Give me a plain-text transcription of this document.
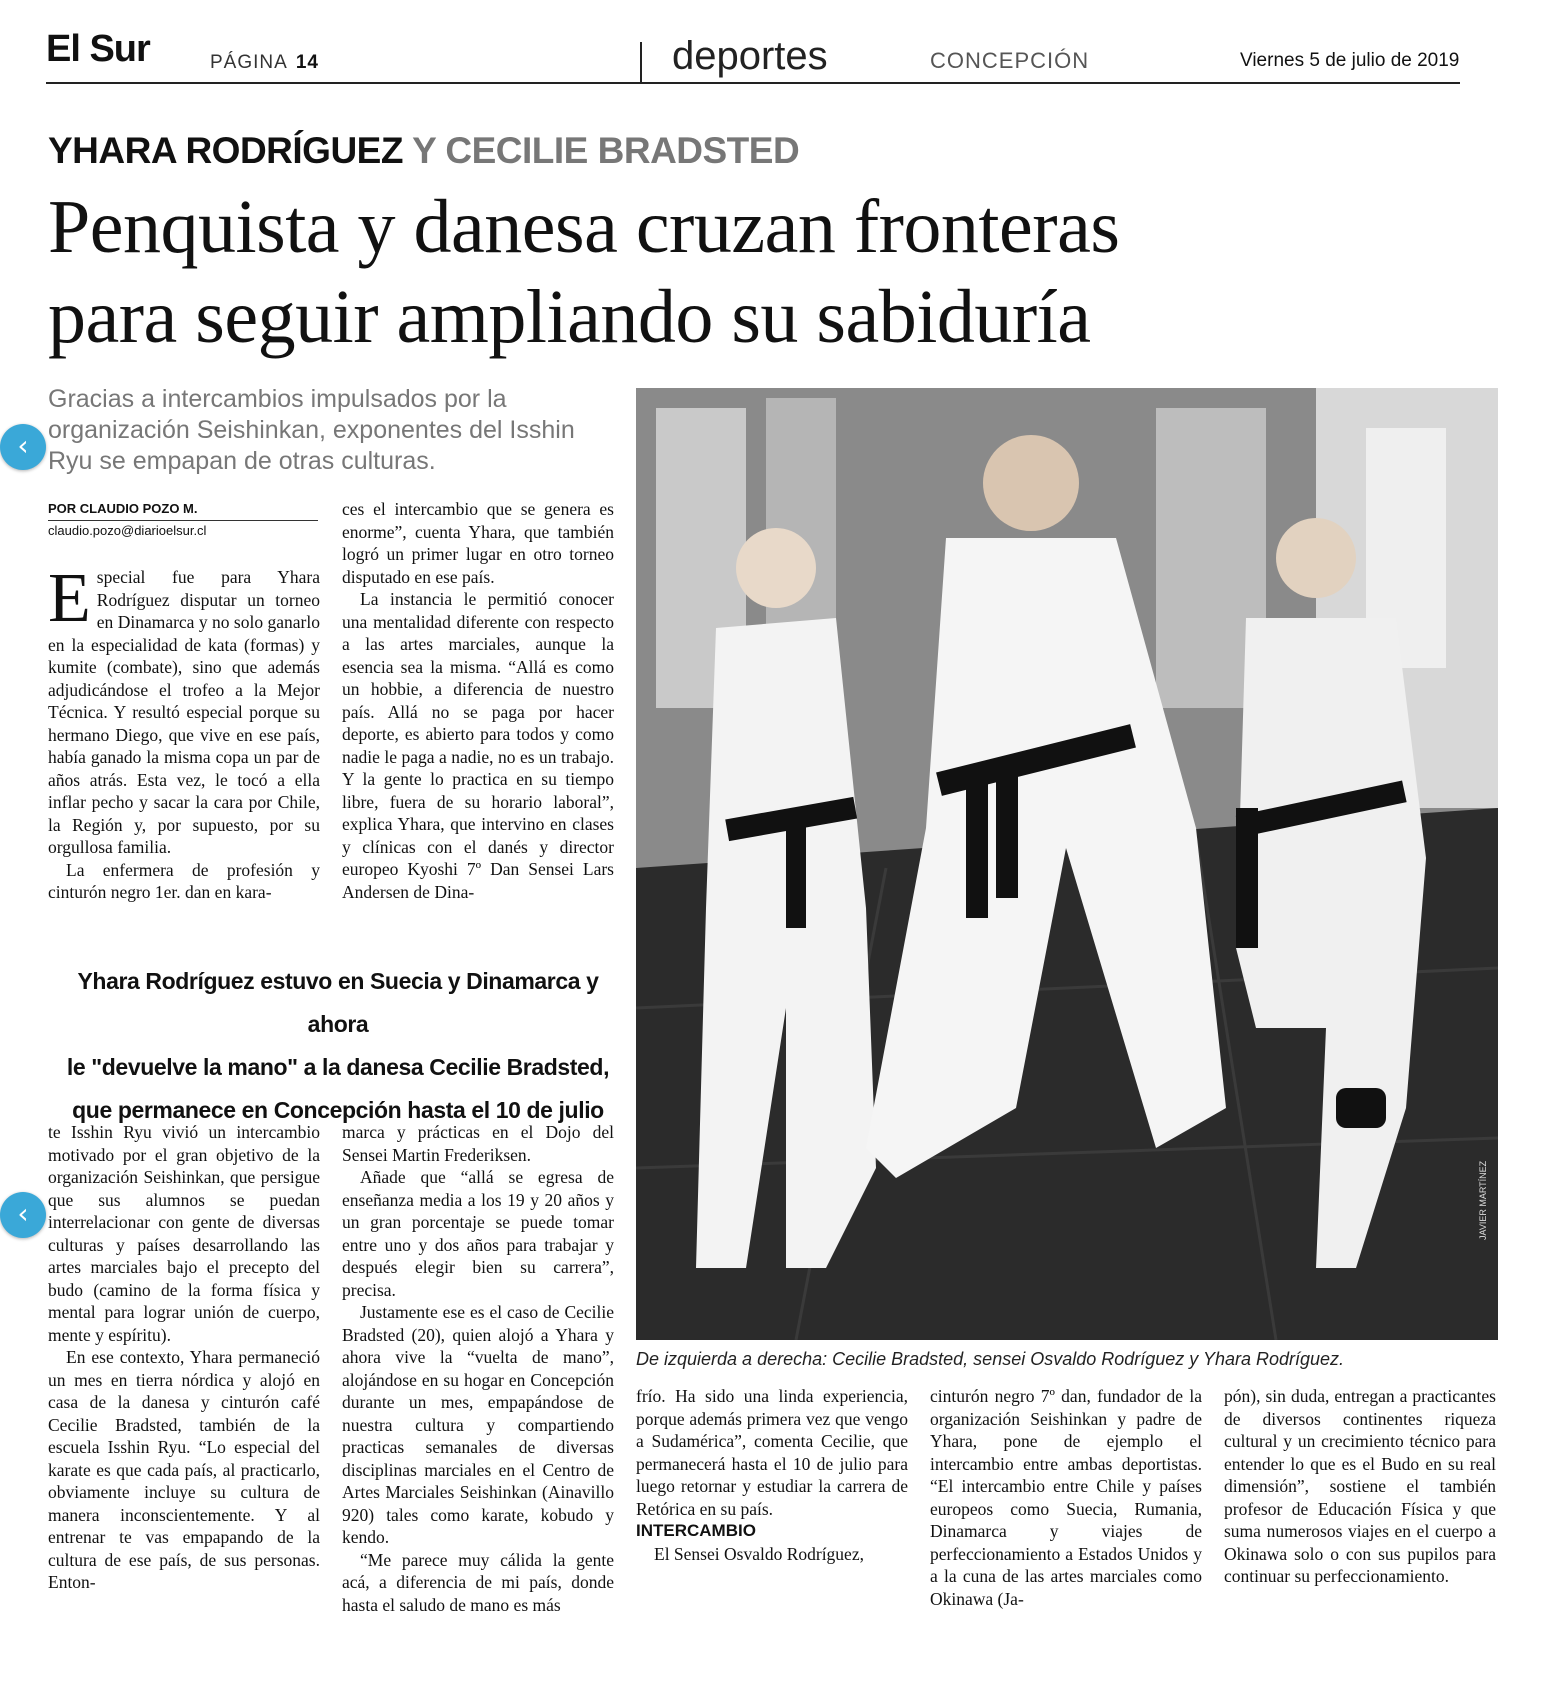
El Sur	PÁGINA 14	deportes	CONCEPCIÓN	Viernes 5 de julio de 2019
YHARA RODRÍGUEZ Y CECILIE BRADSTED
Penquista y danesa cruzan fronteras
para seguir ampliando su sabiduría
Gracias a intercambios impulsados por la organización Seishinkan, exponentes del Isshin Ryu se empapan de otras culturas.
POR CLAUDIO POZO M.
claudio.pozo@diarioelsur.cl

Especial fue para Yhara Rodríguez disputar un torneo en Dinamarca y no solo ganarlo en la especialidad de kata (formas) y kumite (combate), sino que además adjudicándose el trofeo a la Mejor Técnica. Y resultó especial porque su hermano Diego, que vive en ese país, había ganado la misma copa un par de años atrás. Esta vez, le tocó a ella inflar pecho y sacar la cara por Chile, la Región y, por supuesto, por su orgullosa familia.

La enfermera de profesión y cinturón negro 1er. dan en kara-

ces el intercambio que se genera es enorme”, cuenta Yhara, que también logró un primer lugar en otro torneo disputado en ese país.

La instancia le permitió conocer una mentalidad diferente con respecto a las artes marciales, aunque la esencia sea la misma. “Allá es como un hobbie, a diferencia de nuestro país. Allá no se paga por hacer deporte, es abierto para todos y como nadie le paga a nadie, no es un trabajo. Y la gente lo practica en su tiempo libre, fuera de su horario laboral”, explica Yhara, que intervino en clases y clínicas con el danés y director europeo Kyoshi 7º Dan Sensei Lars Andersen de Dina-

Yhara Rodríguez estuvo en Suecia y Dinamarca y ahora
le "devuelve la mano" a la danesa Cecilie Bradsted,
que permanece en Concepción hasta el 10 de julio

te Isshin Ryu vivió un intercambio motivado por el gran objetivo de la organización Seishinkan, que persigue que sus alumnos se puedan interrelacionar con gente de diversas culturas y países desarrollando las artes marciales bajo el precepto del budo (camino de la forma física y mental para lograr unión de cuerpo, mente y espíritu).

En ese contexto, Yhara permaneció un mes en tierra nórdica y alojó en casa de la danesa y cinturón café Cecilie Bradsted, también de la escuela Isshin Ryu. “Lo especial del karate es que cada país, al practicarlo, obviamente incluye su cultura de manera inconscientemente. Y al entrenar te vas empapando de la cultura de ese país, de sus personas. Enton-

marca y prácticas en el Dojo del Sensei Martin Frederiksen.

Añade que “allá se egresa de enseñanza media a los 19 y 20 años y un gran porcentaje se puede tomar entre uno y dos años para trabajar y después elegir bien su carrera”, precisa.

Justamente ese es el caso de Cecilie Bradsted (20), quien alojó a Yhara y ahora vive la “vuelta de mano”, alojándose en su hogar en Concepción durante un mes, empapándose de nuestra cultura y compartiendo practicas semanales de diversas disciplinas marciales en el Centro de Artes Marciales Seishinkan (Ainavillo 920) tales como karate, kobudo y kendo.

“Me parece muy cálida la gente acá, a diferencia de mi país, donde hasta el saludo de mano es más

frío. Ha sido una linda experiencia, porque además primera vez que vengo a Sudamérica”, comenta Cecilie, que permanecerá hasta el 10 de julio para luego retornar y estudiar la carrera de Retórica en su país.

INTERCAMBIO

El Sensei Osvaldo Rodríguez,

cinturón negro 7º dan, fundador de la organización Seishinkan y padre de Yhara, pone de ejemplo el intercambio entre ambas deportistas. “El intercambio entre Chile y países europeos como Suecia, Rumania, Dinamarca y viajes de perfeccionamiento a Estados Unidos y a la cuna de las artes marciales como Okinawa (Ja-

pón), sin duda, entregan a practicantes de diversos continentes riqueza cultural y un crecimiento técnico para entender lo que es el Budo en su real dimensión”, sostiene el también profesor de Educación Física y que suma numerosos viajes en el cuerpo a Okinawa solo o con sus pupilos para continuar su perfeccionamiento.

JAVIER MARTÍNEZ
De izquierda a derecha: Cecilie Bradsted, sensei Osvaldo Rodríguez y Yhara Rodríguez.
‹
‹
